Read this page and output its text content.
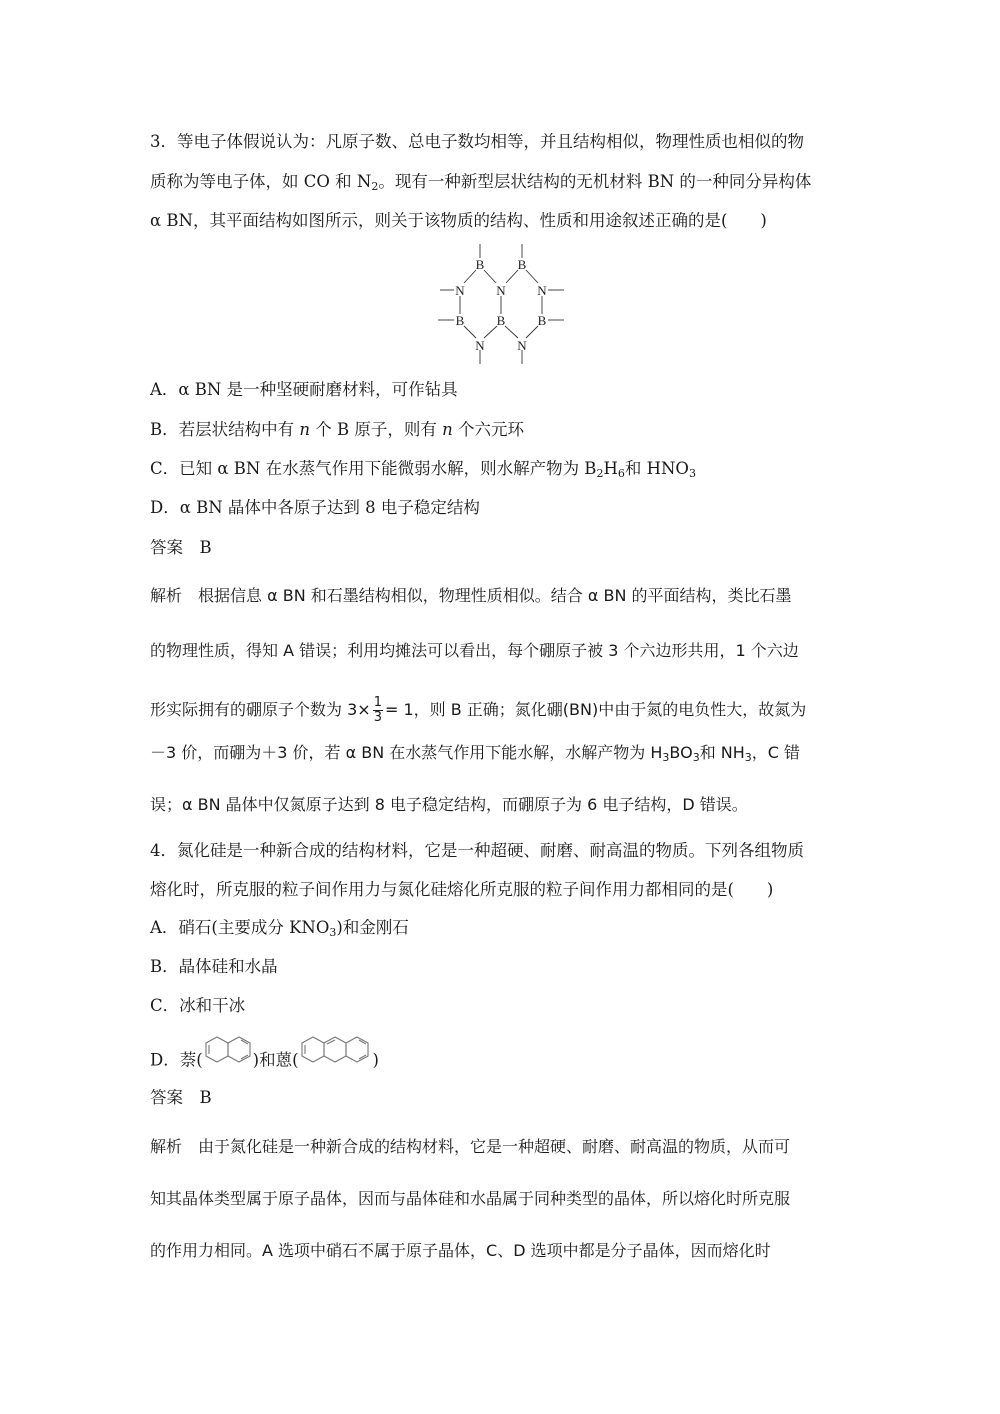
3．等电子体假说认为：凡原子数、总电子数均相等，并且结构相似，物理性质也相似的物
质称为等电子体，如 CO 和 $N_2$。现有一种新型层状结构的无机材料 BN 的一种同分异构体
α BN，其平面结构如图所示，则关于该物质的结构、性质和用途叙述正确的是(　　)
B	B
N N N
B B B
N	N
A．α BN 是一种坚硬耐磨材料，可作钻具
B．若层状结构中有 n 个 B 原子，则有 n 个六元环
C．已知 α BN 在水蒸气作用下能微弱水解，则水解产物为 $B_2H_6$和 $HNO_3$
D．α BN 晶体中各原子达到 8 电子稳定结构
答案　B
解析　根据信息 α BN 和石墨结构相似，物理性质相似。结合 α BN 的平面结构，类比石墨
的物理性质，得知 A 错误；利用均摊法可以看出，每个硼原子被 3 个六边形共用，1 个六边
形实际拥有的硼原子个数为 $3\times \frac{1}{3} = 1$，则 B 正确；氮化硼(BN)中由于氮的电负性大，故氮为
－3 价，而硼为＋3 价，若 α BN 在水蒸气作用下能水解，水解产物为 $H_3BO_3$和 $NH_3$，C 错
误；α BN 晶体中仅氮原子达到 8 电子稳定结构，而硼原子为 6 电子结构，D 错误。
4．氮化硅是一种新合成的结构材料，它是一种超硬、耐磨、耐高温的物质。下列各组物质
熔化时，所克服的粒子间作用力与氮化硅熔化所克服的粒子间作用力都相同的是(　　)
A．硝石(主要成分 $KNO_3$)和金刚石
B．晶体硅和水晶
C．冰和干冰
D．萘(	)和蒽(	)
答案　B
解析　由于氮化硅是一种新合成的结构材料，它是一种超硬、耐磨、耐高温的物质，从而可
知其晶体类型属于原子晶体，因而与晶体硅和水晶属于同种类型的晶体，所以熔化时所克服
的作用力相同。A 选项中硝石不属于原子晶体，C、D 选项中都是分子晶体，因而熔化时
